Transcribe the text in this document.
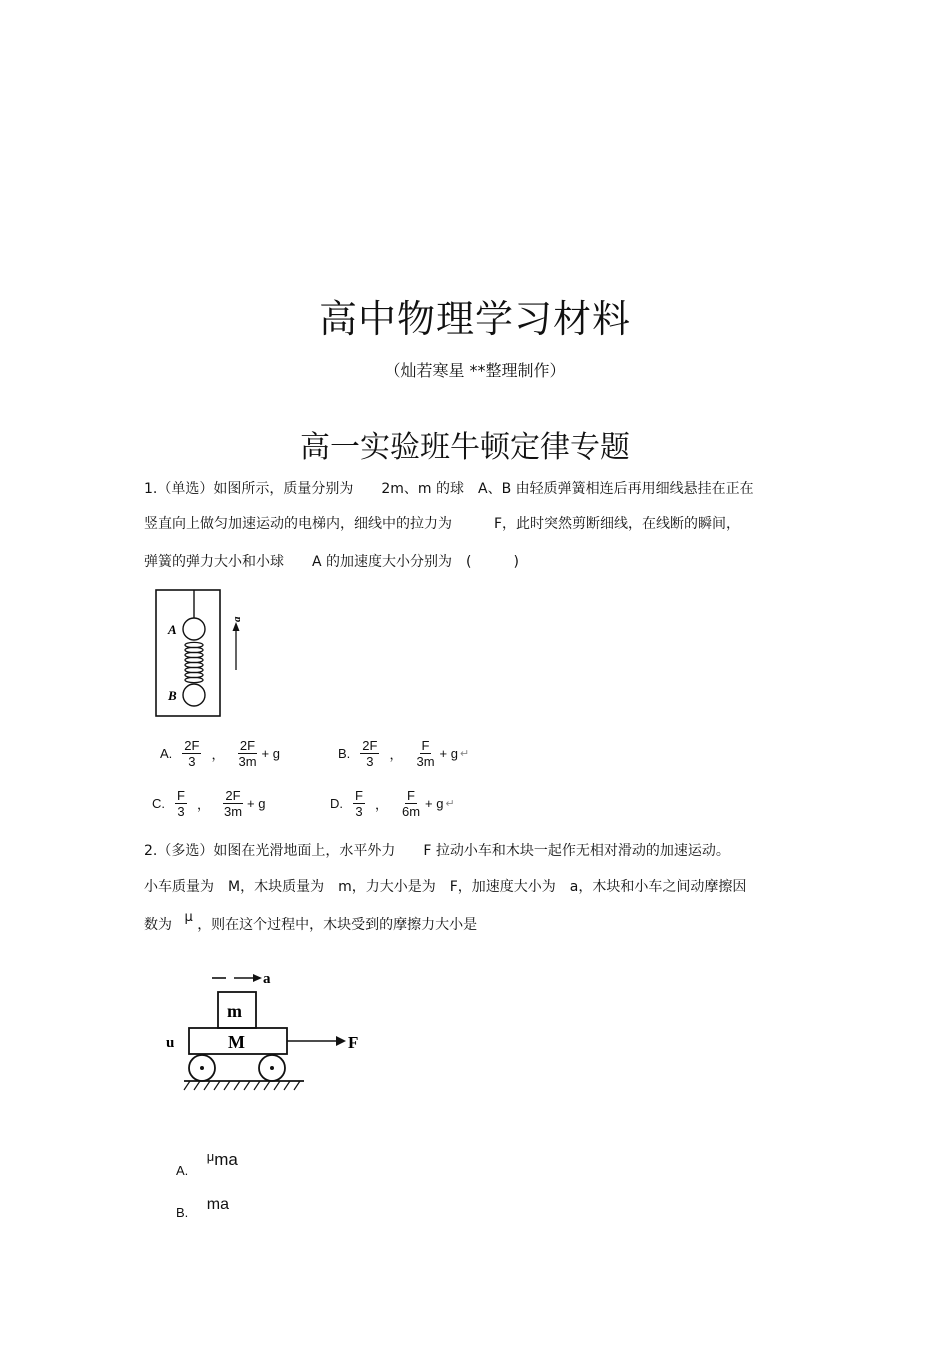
高中物理学习材料
（灿若寒星 **整理制作）
高一实验班牛顿定律专题
1.（单选）如图所示，质量分别为　　2m、m 的球　A、B 由轻质弹簧相连后再用细线悬挂在正在
竖直向上做匀加速运动的电梯内，细线中的拉力为　　　F，此时突然剪断细线，在线断的瞬间，
弹簧的弹力大小和小球　　A 的加速度大小分别为　(　　　)
A
B
a
A. $\frac{2F}{3}$ ， $\frac{2F}{3m} + g$	B. $\frac{2F}{3}$ ， $\frac{F}{3m} + g$ ↵
C. $\frac{F}{3}$ ， $\frac{2F}{3m} + g$	D. $\frac{F}{3}$ ， $\frac{F}{6m} + g$ ↵
2.（多选）如图在光滑地面上，水平外力　　F 拉动小车和木块一起作无相对滑动的加速运动。
小车质量为　M，木块质量为　m，力大小是为　F，加速度大小为　a，木块和小车之间动摩擦因
数为 μ ，则在这个过程中，木块受到的摩擦力大小是
a
m
M
u	F
$_{A.}$ $^\mu$ma
$_{B.}$ ma
